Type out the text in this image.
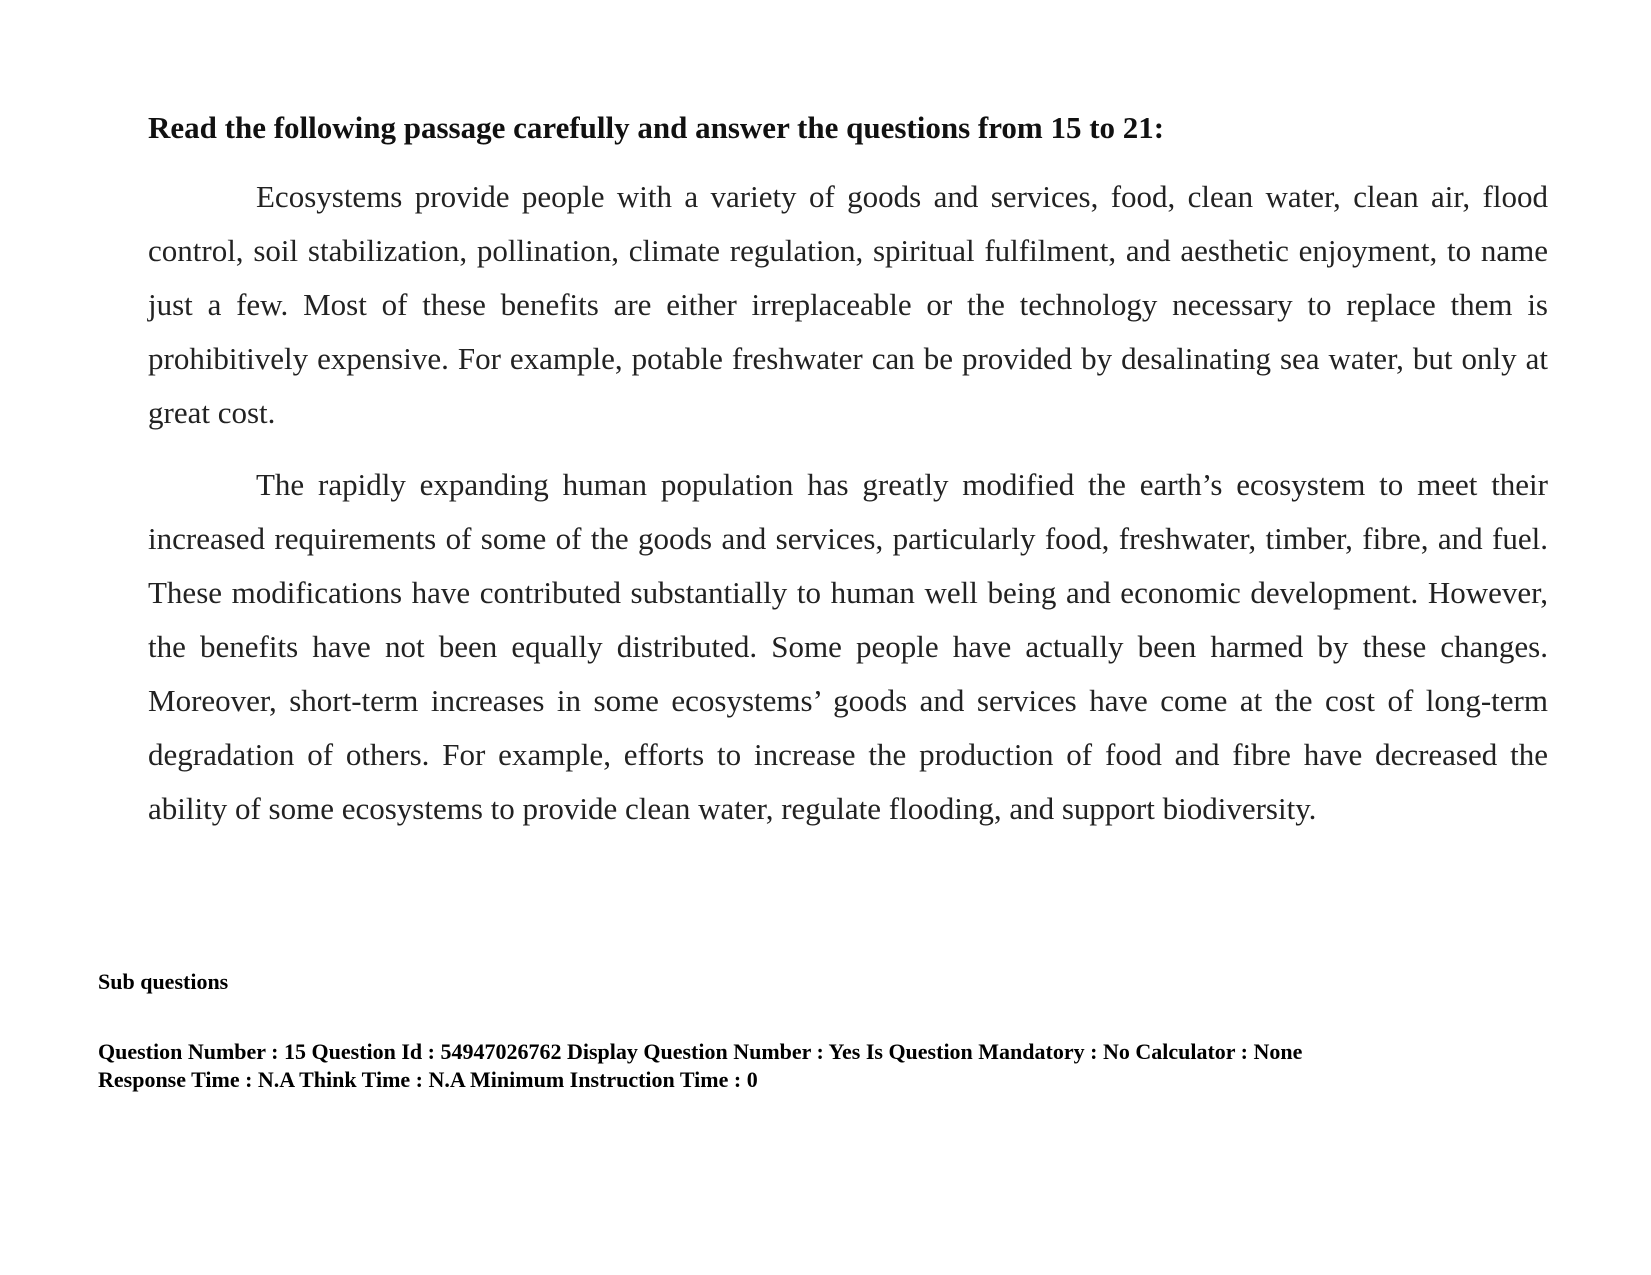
Read the following passage carefully and answer the questions from 15 to 21:

Ecosystems provide people with a variety of goods and services, food, clean water, clean air, flood control, soil stabilization, pollination, climate regulation, spiritual fulfilment, and aesthetic enjoyment, to name just a few. Most of these benefits are either irreplaceable or the technology necessary to replace them is prohibitively expensive. For example, potable freshwater can be provided by desalinating sea water, but only at great cost.

The rapidly expanding human population has greatly modified the earth’s ecosystem to meet their increased requirements of some of the goods and services, particularly food, freshwater, timber, fibre, and fuel. These modifications have contributed substantially to human well being and economic development. However, the benefits have not been equally distributed. Some people have actually been harmed by these changes. Moreover, short-term increases in some ecosystems’ goods and services have come at the cost of long-term degradation of others. For example, efforts to increase the production of food and fibre have decreased the ability of some ecosystems to provide clean water, regulate flooding, and support biodiversity.

Sub questions

Question Number : 15 Question Id : 54947026762 Display Question Number : Yes Is Question Mandatory : No Calculator : None
Response Time : N.A Think Time : N.A Minimum Instruction Time : 0
